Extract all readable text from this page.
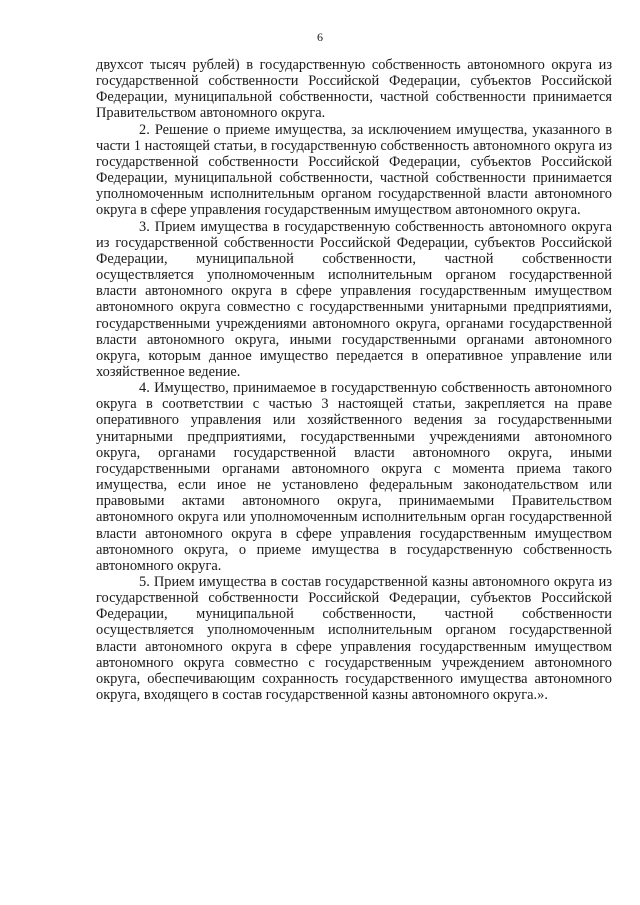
6

двухсот тысяч рублей) в государственную собственность автономного округа из государственной собственности Российской Федерации, субъектов Российской Федерации, муниципальной собственности, частной собственности принимается Правительством автономного округа.

2. Решение о приеме имущества, за исключением имущества, указанного в части 1 настоящей статьи, в государственную собственность автономного округа из государственной собственности Российской Федерации, субъектов Российской Федерации, муниципальной собственности, частной собственности принимается уполномоченным исполнительным органом государственной власти автономного округа в сфере управления государственным имуществом автономного округа.

3. Прием имущества в государственную собственность автономного округа из государственной собственности Российской Федерации, субъектов Российской Федерации, муниципальной собственности, частной собственности осуществляется уполномоченным исполнительным органом государственной власти автономного округа в сфере управления государственным имуществом автономного округа совместно с государственными унитарными предприятиями, государственными учреждениями автономного округа, органами государственной власти автономного округа, иными государственными органами автономного округа, которым данное имущество передается в оперативное управление или хозяйственное ведение.

4. Имущество, принимаемое в государственную собственность автономного округа в соответствии с частью 3 настоящей статьи, закрепляется на праве оперативного управления или хозяйственного ведения за государственными унитарными предприятиями, государственными учреждениями автономного округа, органами государственной власти автономного округа, иными государственными органами автономного округа с момента приема такого имущества, если иное не установлено федеральным законодательством или правовыми актами автономного округа, принимаемыми Правительством автономного округа или уполномоченным исполнительным орган государственной власти автономного округа в сфере управления государственным имуществом автономного округа, о приеме имущества в государственную собственность автономного округа.

5. Прием имущества в состав государственной казны автономного округа из государственной собственности Российской Федерации, субъектов Российской Федерации, муниципальной собственности, частной собственности осуществляется уполномоченным исполнительным органом государственной власти автономного округа в сфере управления государственным имуществом автономного округа совместно с государственным учреждением автономного округа, обеспечивающим сохранность государственного имущества автономного округа, входящего в состав государственной казны автономного округа.».
